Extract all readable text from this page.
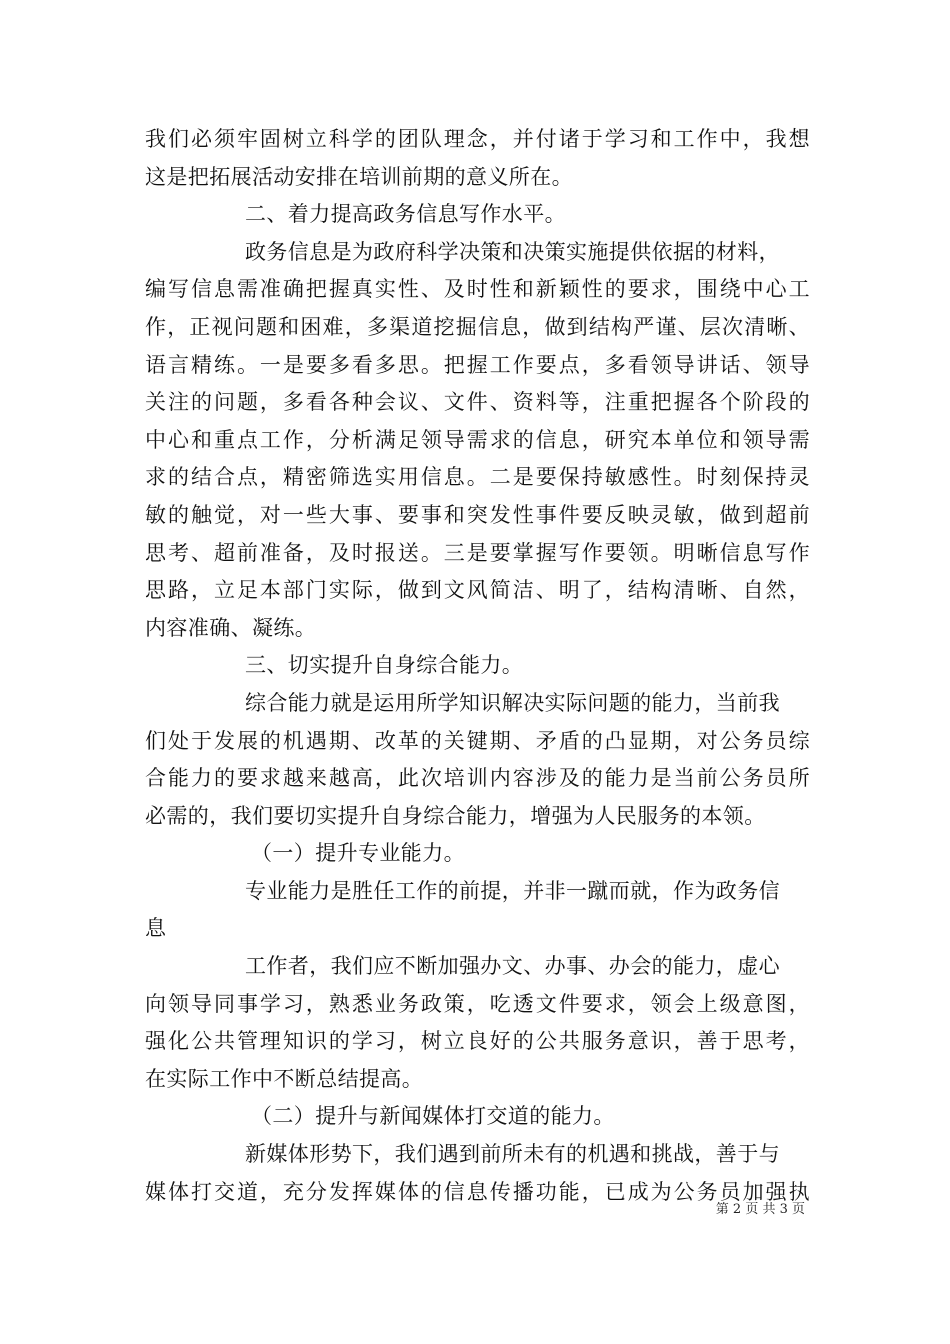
我们必须牢固树立科学的团队理念，并付诸于学习和工作中，我想
这是把拓展活动安排在培训前期的意义所在。
二、着力提高政务信息写作水平。
政务信息是为政府科学决策和决策实施提供依据的材料，
编写信息需准确把握真实性、及时性和新颖性的要求，围绕中心工
作，正视问题和困难，多渠道挖掘信息，做到结构严谨、层次清晰、
语言精练。一是要多看多思。把握工作要点，多看领导讲话、领导
关注的问题，多看各种会议、文件、资料等，注重把握各个阶段的
中心和重点工作，分析满足领导需求的信息，研究本单位和领导需
求的结合点，精密筛选实用信息。二是要保持敏感性。时刻保持灵
敏的触觉，对一些大事、要事和突发性事件要反映灵敏，做到超前
思考、超前准备，及时报送。三是要掌握写作要领。明晰信息写作
思路，立足本部门实际，做到文风简洁、明了，结构清晰、自然，
内容准确、凝练。
三、切实提升自身综合能力。
综合能力就是运用所学知识解决实际问题的能力，当前我
们处于发展的机遇期、改革的关键期、矛盾的凸显期，对公务员综
合能力的要求越来越高，此次培训内容涉及的能力是当前公务员所
必需的，我们要切实提升自身综合能力，增强为人民服务的本领。
（一）提升专业能力。
专业能力是胜任工作的前提，并非一蹴而就，作为政务信
息
工作者，我们应不断加强办文、办事、办会的能力，虚心
向领导同事学习，熟悉业务政策，吃透文件要求，领会上级意图，
强化公共管理知识的学习，树立良好的公共服务意识，善于思考，
在实际工作中不断总结提高。
（二）提升与新闻媒体打交道的能力。
新媒体形势下，我们遇到前所未有的机遇和挑战，善于与
媒体打交道，充分发挥媒体的信息传播功能，已成为公务员加强执
第 2 页 共 3 页
